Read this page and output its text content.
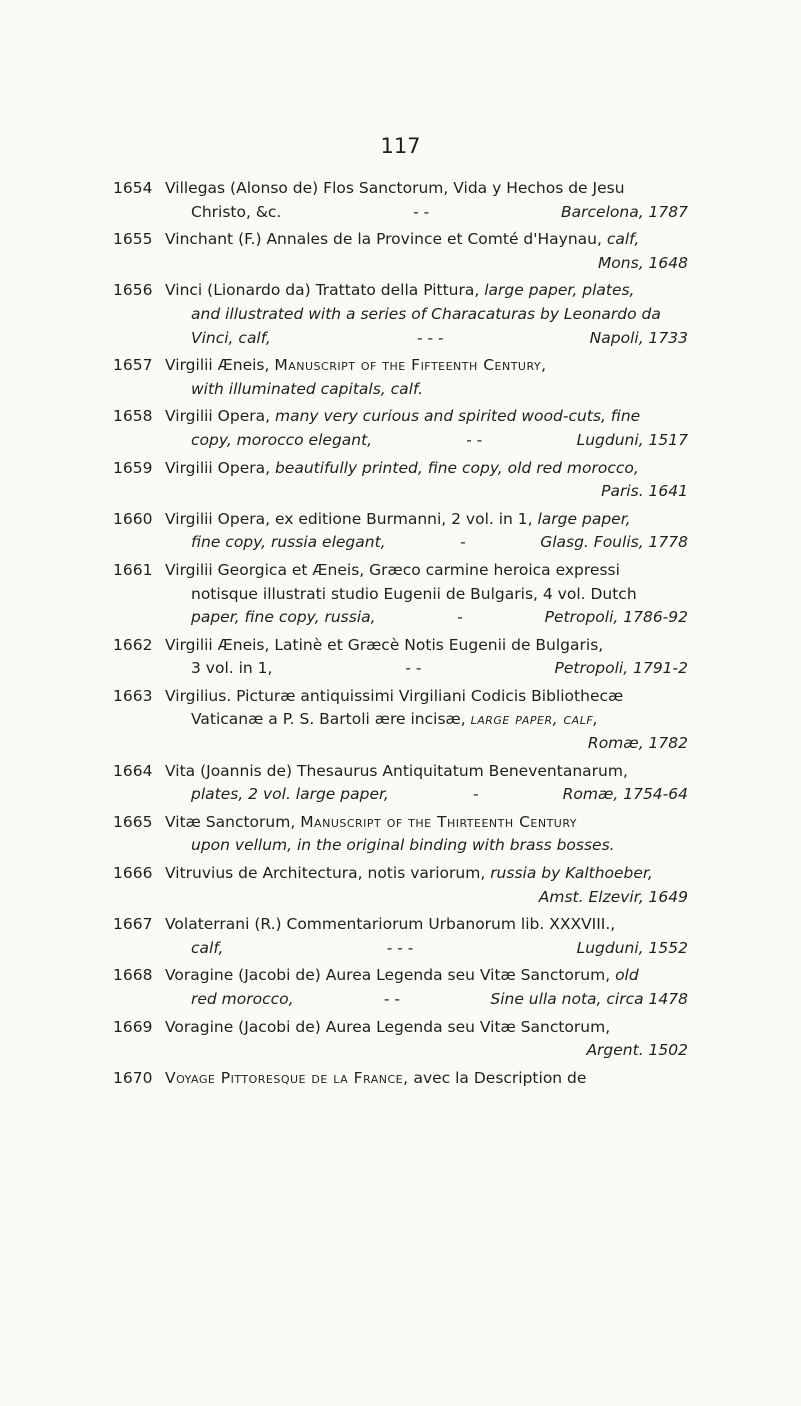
117
1654 Villegas (Alonso de) Flos Sanctorum, Vida y Hechos de Jesu
Christo, &c.	- -	Barcelona, 1787
1655 Vinchant (F.) Annales de la Province et Comté d'Haynau, calf,
Mons, 1648
1656 Vinci (Lionardo da) Trattato della Pittura, large paper, plates,
and illustrated with a series of Characaturas by Leonardo da
Vinci, calf,	- - -	Napoli, 1733
1657 Virgilii Æneis, Manuscript of the Fifteenth Century,
with illuminated capitals, calf.
1658 Virgilii Opera, many very curious and spirited wood-cuts, fine
copy, morocco elegant,	- -	Lugduni, 1517
1659 Virgilii Opera, beautifully printed, fine copy, old red morocco,
Paris. 1641
1660 Virgilii Opera, ex editione Burmanni, 2 vol. in 1, large paper,
fine copy, russia elegant,	-	Glasg. Foulis, 1778
1661 Virgilii Georgica et Æneis, Græco carmine heroica expressi
notisque illustrati studio Eugenii de Bulgaris, 4 vol. Dutch
paper, fine copy, russia,	-	Petropoli, 1786-92
1662 Virgilii Æneis, Latinè et Græcè Notis Eugenii de Bulgaris,
3 vol. in 1,	- -	Petropoli, 1791-2
1663 Virgilius. Picturæ antiquissimi Virgiliani Codicis Bibliothecæ
Vaticanæ a P. S. Bartoli ære incisæ, large paper, calf,
Romæ, 1782
1664 Vita (Joannis de) Thesaurus Antiquitatum Beneventanarum,
plates, 2 vol. large paper,	-	Romæ, 1754-64
1665 Vitæ Sanctorum, Manuscript of the Thirteenth Century
upon vellum, in the original binding with brass bosses.
1666 Vitruvius de Architectura, notis variorum, russia by Kalthoeber,
Amst. Elzevir, 1649
1667 Volaterrani (R.) Commentariorum Urbanorum lib. XXXVIII.,
calf,	- - -	Lugduni, 1552
1668 Voragine (Jacobi de) Aurea Legenda seu Vitæ Sanctorum, old
red morocco,	- -	Sine ulla nota, circa 1478
1669 Voragine (Jacobi de) Aurea Legenda seu Vitæ Sanctorum,
Argent. 1502
1670 Voyage Pittoresque de la France, avec la Description de
